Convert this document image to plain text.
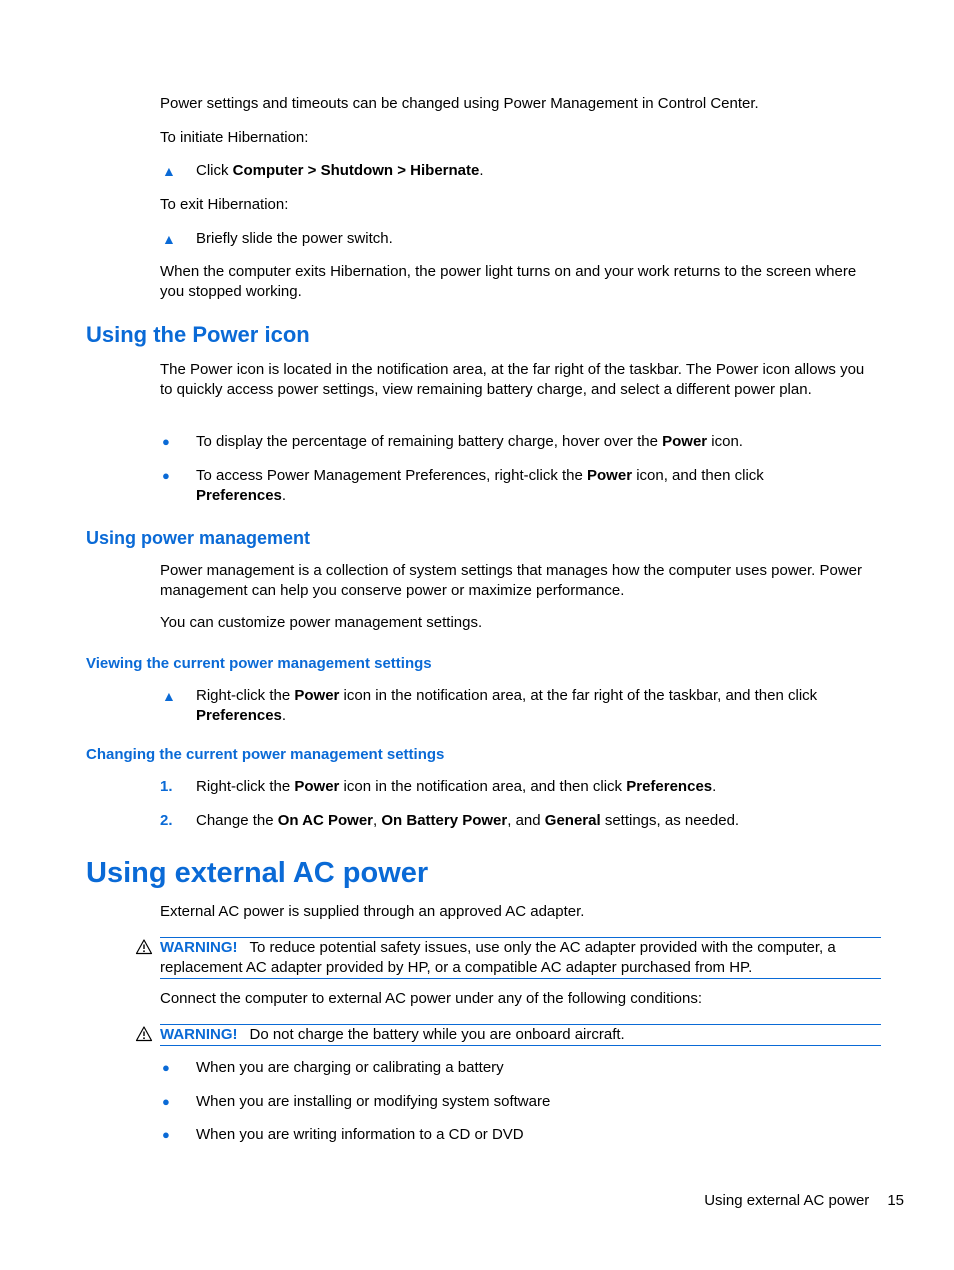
Power settings and timeouts can be changed using Power Management in Control Center.
To initiate Hibernation:
▲	Click Computer > Shutdown > Hibernate.
To exit Hibernation:
▲	Briefly slide the power switch.
When the computer exits Hibernation, the power light turns on and your work returns to the screen where you stopped working.
Using the Power icon
The Power icon is located in the notification area, at the far right of the taskbar. The Power icon allows you to quickly access power settings, view remaining battery charge, and select a different power plan.
●	To display the percentage of remaining battery charge, hover over the Power icon.
●	To access Power Management Preferences, right-click the Power icon, and then click
Preferences.
Using power management
Power management is a collection of system settings that manages how the computer uses power. Power management can help you conserve power or maximize performance.
You can customize power management settings.
Viewing the current power management settings
▲	Right-click the Power icon in the notification area, at the far right of the taskbar, and then click
Preferences.
Changing the current power management settings
1.	Right-click the Power icon in the notification area, and then click Preferences.
2.	Change the On AC Power, On Battery Power, and General settings, as needed.
Using external AC power
External AC power is supplied through an approved AC adapter.
WARNING! To reduce potential safety issues, use only the AC adapter provided with the computer, a replacement AC adapter provided by HP, or a compatible AC adapter purchased from HP.
Connect the computer to external AC power under any of the following conditions:
WARNING! Do not charge the battery while you are onboard aircraft.
●	When you are charging or calibrating a battery
●	When you are installing or modifying system software
●	When you are writing information to a CD or DVD
Using external AC power 15
